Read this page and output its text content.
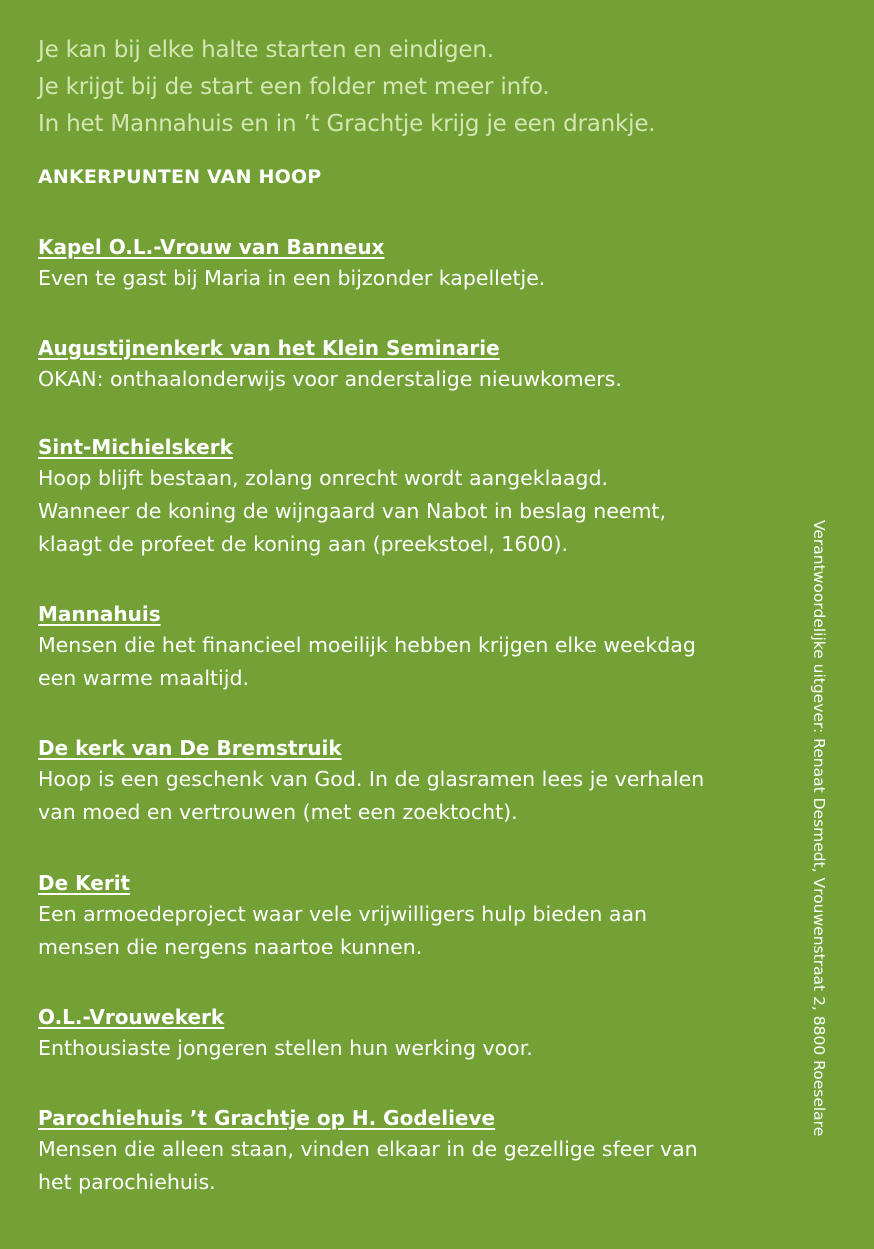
Je kan bij elke halte starten en eindigen.
Je krijgt bij de start een folder met meer info.
In het Mannahuis en in ’t Grachtje krijg je een drankje.
ANKERPUNTEN VAN HOOP
Kapel O.L.-Vrouw van Banneux
Even te gast bij Maria in een bijzonder kapelletje.
Augustijnenkerk van het Klein Seminarie
OKAN: onthaalonderwijs voor anderstalige nieuwkomers.
Sint-Michielskerk
Hoop blijft bestaan, zolang onrecht wordt aangeklaagd.
Wanneer de koning de wijngaard van Nabot in beslag neemt,
klaagt de profeet de koning aan (preekstoel, 1600).
Mannahuis
Mensen die het financieel moeilijk hebben krijgen elke weekdag
een warme maaltijd.
De kerk van De Bremstruik
Hoop is een geschenk van God. In de glasramen lees je verhalen
van moed en vertrouwen (met een zoektocht).
De Kerit
Een armoedeproject waar vele vrijwilligers hulp bieden aan
mensen die nergens naartoe kunnen.
O.L.-Vrouwekerk
Enthousiaste jongeren stellen hun werking voor.
Parochiehuis ’t Grachtje op H. Godelieve
Mensen die alleen staan, vinden elkaar in de gezellige sfeer van
het parochiehuis.
Verantwoordelijke uitgever: Renaat Desmedt, Vrouwenstraat 2, 8800 Roeselare
